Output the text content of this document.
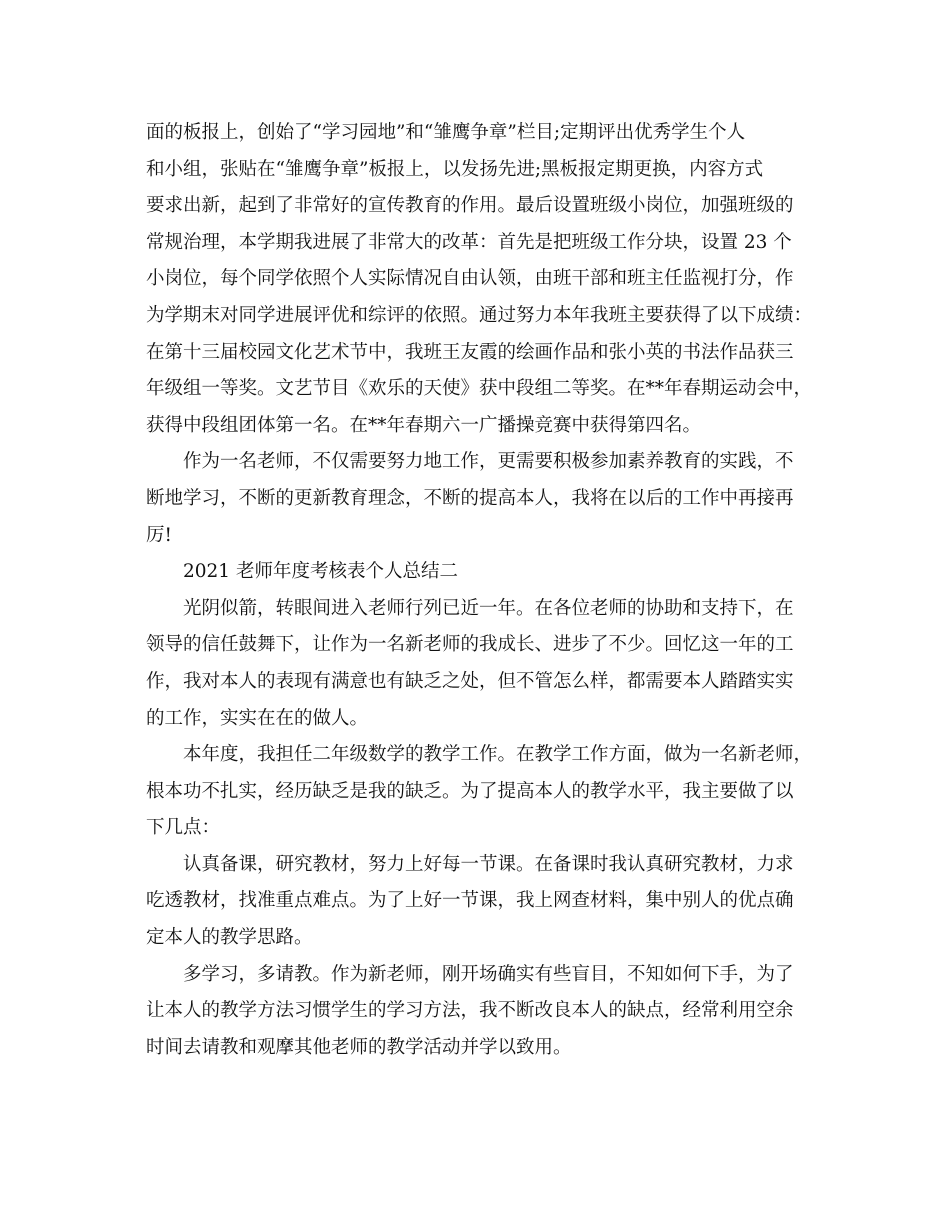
面的板报上，创始了“学习园地”和“雏鹰争章”栏目;定期评出优秀学生个人
和小组，张贴在“雏鹰争章”板报上，以发扬先进;黑板报定期更换，内容方式
要求出新，起到了非常好的宣传教育的作用。最后设置班级小岗位，加强班级的
常规治理，本学期我进展了非常大的改革：首先是把班级工作分块，设置 23 个
小岗位，每个同学依照个人实际情况自由认领，由班干部和班主任监视打分，作
为学期末对同学进展评优和综评的依照。通过努力本年我班主要获得了以下成绩：
在第十三届校园文化艺术节中，我班王友霞的绘画作品和张小英的书法作品获三
年级组一等奖。文艺节目《欢乐的天使》获中段组二等奖。在**年春期运动会中，
获得中段组团体第一名。在**年春期六一广播操竞赛中获得第四名。
作为一名老师，不仅需要努力地工作，更需要积极参加素养教育的实践，不
断地学习，不断的更新教育理念，不断的提高本人，我将在以后的工作中再接再
厉!
2021 老师年度考核表个人总结二
光阴似箭，转眼间进入老师行列已近一年。在各位老师的协助和支持下，在
领导的信任鼓舞下，让作为一名新老师的我成长、进步了不少。回忆这一年的工
作，我对本人的表现有满意也有缺乏之处，但不管怎么样，都需要本人踏踏实实
的工作，实实在在的做人。
本年度，我担任二年级数学的教学工作。在教学工作方面，做为一名新老师，
根本功不扎实，经历缺乏是我的缺乏。为了提高本人的教学水平，我主要做了以
下几点：
认真备课，研究教材，努力上好每一节课。在备课时我认真研究教材，力求
吃透教材，找准重点难点。为了上好一节课，我上网查材料，集中别人的优点确
定本人的教学思路。
多学习，多请教。作为新老师，刚开场确实有些盲目，不知如何下手，为了
让本人的教学方法习惯学生的学习方法，我不断改良本人的缺点，经常利用空余
时间去请教和观摩其他老师的教学活动并学以致用。
